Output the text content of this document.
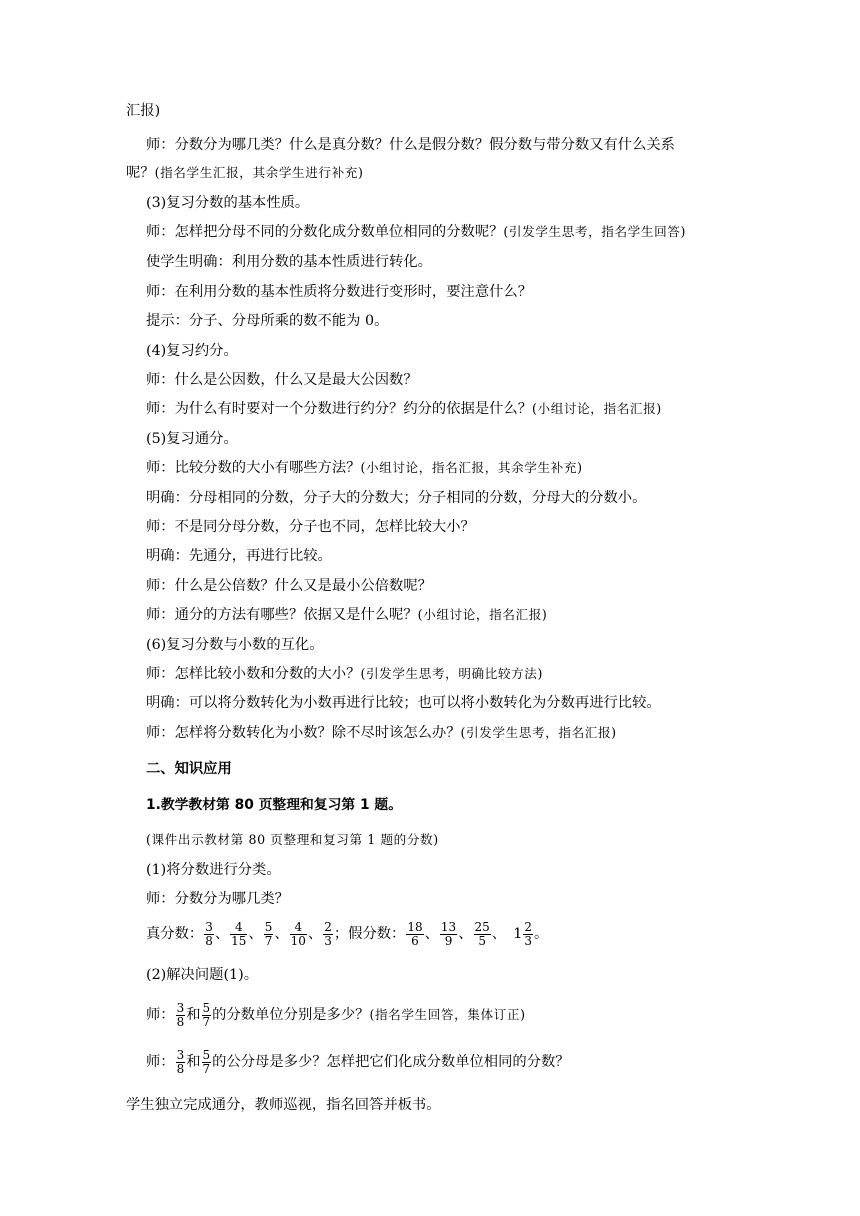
汇报)
师：分数分为哪几类？什么是真分数？什么是假分数？假分数与带分数又有什么关系
呢？(指名学生汇报，其余学生进行补充)
(3)复习分数的基本性质。
师：怎样把分母不同的分数化成分数单位相同的分数呢？(引发学生思考，指名学生回答)
使学生明确：利用分数的基本性质进行转化。
师：在利用分数的基本性质将分数进行变形时，要注意什么？
提示：分子、分母所乘的数不能为 0。
(4)复习约分。
师：什么是公因数，什么又是最大公因数？
师：为什么有时要对一个分数进行约分？约分的依据是什么？(小组讨论，指名汇报)
(5)复习通分。
师：比较分数的大小有哪些方法？(小组讨论，指名汇报，其余学生补充)
明确：分母相同的分数，分子大的分数大；分子相同的分数，分母大的分数小。
师：不是同分母分数，分子也不同，怎样比较大小？
明确：先通分，再进行比较。
师：什么是公倍数？什么又是最小公倍数呢？
师：通分的方法有哪些？依据又是什么呢？(小组讨论，指名汇报)
(6)复习分数与小数的互化。
师：怎样比较小数和分数的大小？(引发学生思考，明确比较方法)
明确：可以将分数转化为小数再进行比较；也可以将小数转化为分数再进行比较。
师：怎样将分数转化为小数？除不尽时该怎么办？(引发学生思考，指名汇报)
二、知识应用
1.教学教材第 80 页整理和复习第 1 题。
(课件出示教材第 80 页整理和复习第 1 题的分数)
(1)将分数进行分类。
师：分数分为哪几类？
真分数： $\frac{3}{8}$ 、 $\frac{4}{15}$ 、 $\frac{5}{7}$ 、 $\frac{4}{10}$ 、 $\frac{2}{3}$ ；假分数： $\frac{18}{6}$ 、 $\frac{13}{9}$ 、 $\frac{25}{5}$ 、  $1 \frac{2}{3}$ 。
(2)解决问题(1)。
师： $\frac{3}{8}$ 和 $\frac{5}{7}$ 的分数单位分别是多少？(指名学生回答，集体订正)
师： $\frac{3}{8}$ 和 $\frac{5}{7}$ 的公分母是多少？怎样把它们化成分数单位相同的分数？
学生独立完成通分，教师巡视，指名回答并板书。
